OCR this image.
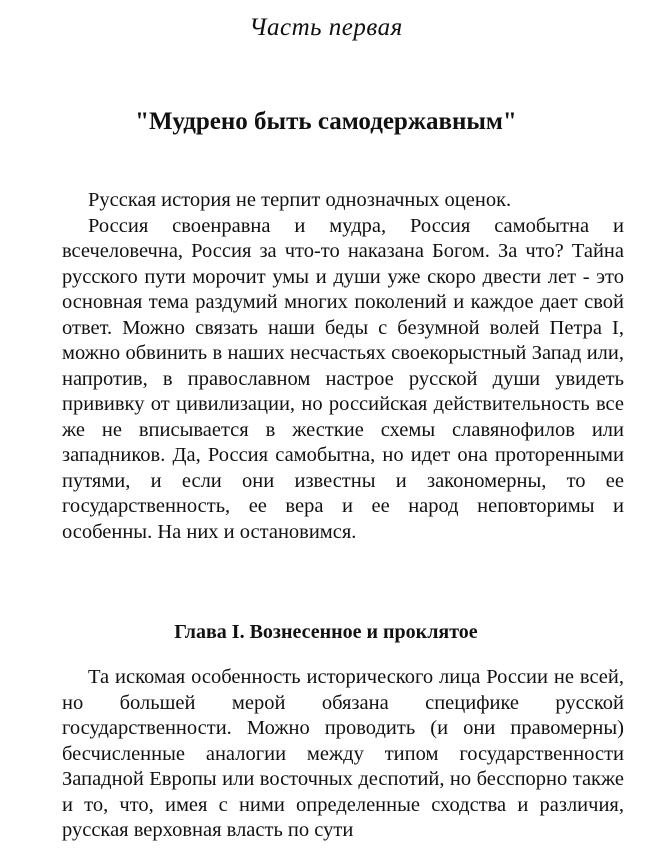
Часть первая
"Мудрено быть самодержавным"

Русская история не терпит однозначных оценок.

Россия своенравна и мудра, Россия самобытна и всечеловечна, Россия за что-то наказана Богом. За что? Тайна русского пути морочит умы и души уже скоро двести лет - это основная тема раздумий многих поколений и каждое дает свой ответ. Можно связать наши беды с безумной волей Петра I, можно обвинить в наших несчастьях своекорыстный Запад или, напротив, в православном настрое русской души увидеть прививку от цивилизации, но российская действительность все же не вписывается в жесткие схемы славянофилов или западников. Да, Россия самобытна, но идет она проторенными путями, и если они известны и закономерны, то ее государственность, ее вера и ее народ неповторимы и особенны. На них и остановимся.

Глава I. Вознесенное и проклятое

Та искомая особенность исторического лица России не всей, но большей мерой обязана специфике русской государственности. Можно проводить (и они правомерны) бесчисленные аналогии между типом государственности Западной Европы или восточных деспотий, но бесспорно также и то, что, имея с ними определенные сходства и различия, русская верховная власть по сути
